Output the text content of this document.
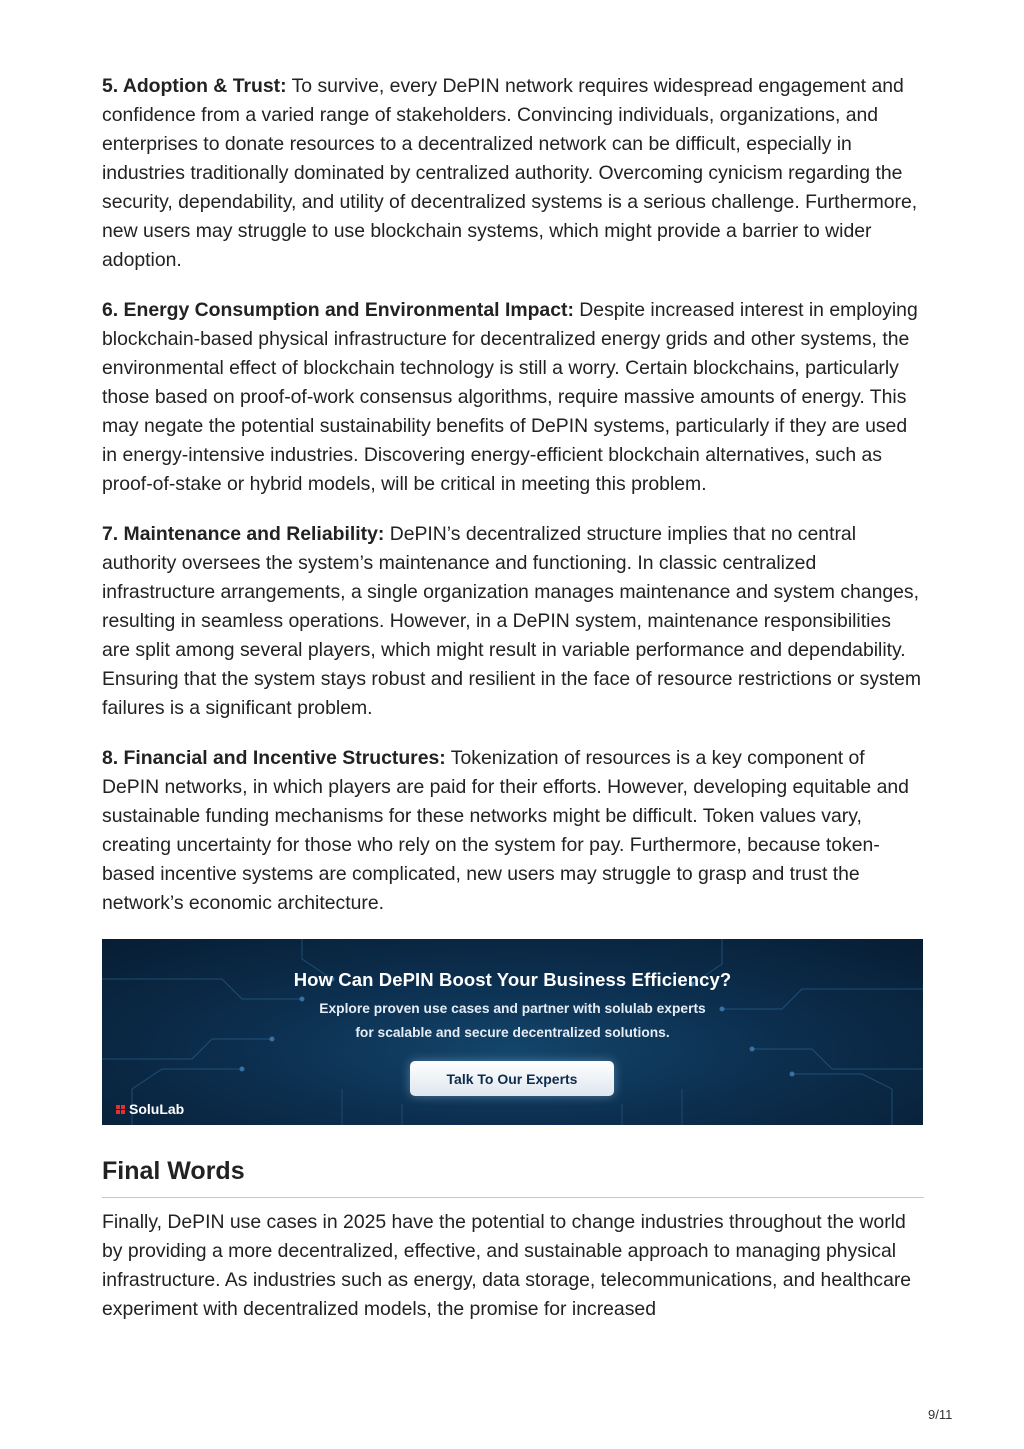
5. Adoption & Trust: To survive, every DePIN network requires widespread engagement and confidence from a varied range of stakeholders. Convincing individuals, organizations, and enterprises to donate resources to a decentralized network can be difficult, especially in industries traditionally dominated by centralized authority. Overcoming cynicism regarding the security, dependability, and utility of decentralized systems is a serious challenge. Furthermore, new users may struggle to use blockchain systems, which might provide a barrier to wider adoption.

6. Energy Consumption and Environmental Impact: Despite increased interest in employing blockchain-based physical infrastructure for decentralized energy grids and other systems, the environmental effect of blockchain technology is still a worry. Certain blockchains, particularly those based on proof-of-work consensus algorithms, require massive amounts of energy. This may negate the potential sustainability benefits of DePIN systems, particularly if they are used in energy-intensive industries. Discovering energy-efficient blockchain alternatives, such as proof-of-stake or hybrid models, will be critical in meeting this problem.

7. Maintenance and Reliability: DePIN’s decentralized structure implies that no central authority oversees the system’s maintenance and functioning. In classic centralized infrastructure arrangements, a single organization manages maintenance and system changes, resulting in seamless operations. However, in a DePIN system, maintenance responsibilities are split among several players, which might result in variable performance and dependability. Ensuring that the system stays robust and resilient in the face of resource restrictions or system failures is a significant problem.

8. Financial and Incentive Structures: Tokenization of resources is a key component of DePIN networks, in which players are paid for their efforts. However, developing equitable and sustainable funding mechanisms for these networks might be difficult. Token values vary, creating uncertainty for those who rely on the system for pay. Furthermore, because token-based incentive systems are complicated, new users may struggle to grasp and trust the network’s economic architecture.

How Can DePIN Boost Your Business Efficiency?
Explore proven use cases and partner with solulab experts
for scalable and secure decentralized solutions.
Talk To Our Experts
SoluLab
Final Words

Finally, DePIN use cases in 2025 have the potential to change industries throughout the world by providing a more decentralized, effective, and sustainable approach to managing physical infrastructure. As industries such as energy, data storage, telecommunications, and healthcare experiment with decentralized models, the promise for increased

9/11
